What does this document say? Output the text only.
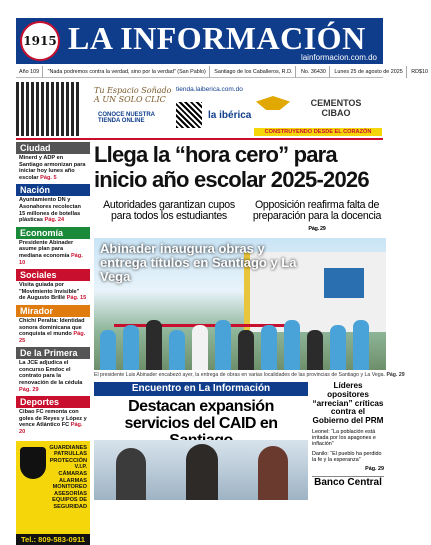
1915 LA INFORMACIÓN
lainformacion.com.do
Año 109 "Nada podremos contra la verdad, sino por la verdad" (San Pablo) Santiago de los Caballeros, R.D. No. 36430 Lunes 25 de agosto de 2025 RD$10
Tu Espacio Soñado A UN SOLO CLIC
CONOCE NUESTRA TIENDA ONLINE
tienda.laiberica.com.do
la ibérica
CEMENTOS CIBAO
CONSTRUYENDO DESDE EL CORAZÓN
Ciudad
Minerd y ADP en Santiago armonizan para iniciar hoy lunes año escolar Pág. 5
Nación
Ayuntamiento DN y Asonahores recolectan 15 millones de botellas plásticas Pág. 24
Economía
Presidente Abinader asume plan para mediana economía Pág. 10
Sociales
Visita guiada por "Movimiento Invisible" de Augusto Brillé Pág. 15
Mirador
Chichí Peralta: Identidad sonora dominicana que conquista el mundo Pág. 25
De la Primera
La JCE adjudica el concurso Emdoc el contrato para la renovación de la cédula Pág. 29
Deportes
Cibao FC remonta con goles de Reyes y López y vence Atlántico FC Pág. 20
GUARDIANES
PATRULLAS
PROTECCIÓN V.I.P.
CÁMARAS
ALARMAS
MONITOREO
ASESORÍAS
EQUIPOS DE SEGURIDAD
Tel.: 809-583-0911
Llega la “hora cero” para inicio año escolar 2025-2026
Autoridades garantizan cupos para todos los estudiantes
Opposición reafirma falta de preparación para la docencia Pág. 29
Abinader inaugura obras y entrega títulos en Santiago y La Vega
El presidente Luis Abinader encabezó ayer, la entrega de obras en varias localidades de las provincias de Santiago y La Vega. Pág. 29
Encuentro en La Información
Destacan expansión servicios del CAID en
Líderes opositores “arrecian” críticas contra el Gobierno del PRM
Leonel: “La población está irritada por los apagones e inflación”
Danilo: “El pueblo ha perdido la fe y la esperanza”
Pág. 29
Banco Central
